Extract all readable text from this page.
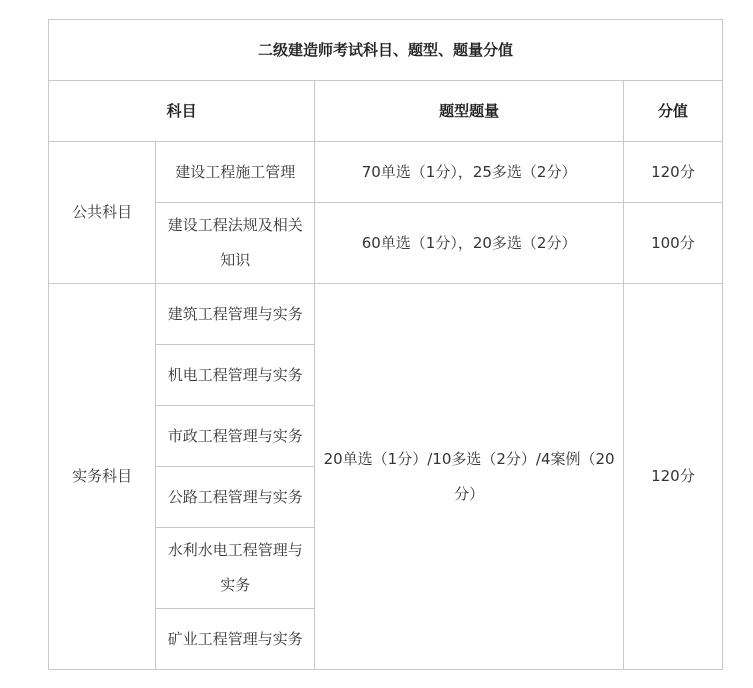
二级建造师考试科目、题型、题量分值			
科目		题型题量	分值
公共科目	建设工程施工管理	70单选（1分），25多选（2分）	120分
	建设工程法规及相关知识	60单选（1分），20多选（2分）	100分
实务科目	建筑工程管理与实务	20单选（1分）/10多选（2分）/4案例（20分）	120分
	机电工程管理与实务		
	市政工程管理与实务		
	公路工程管理与实务		
	水利水电工程管理与实务		
	矿业工程管理与实务		
